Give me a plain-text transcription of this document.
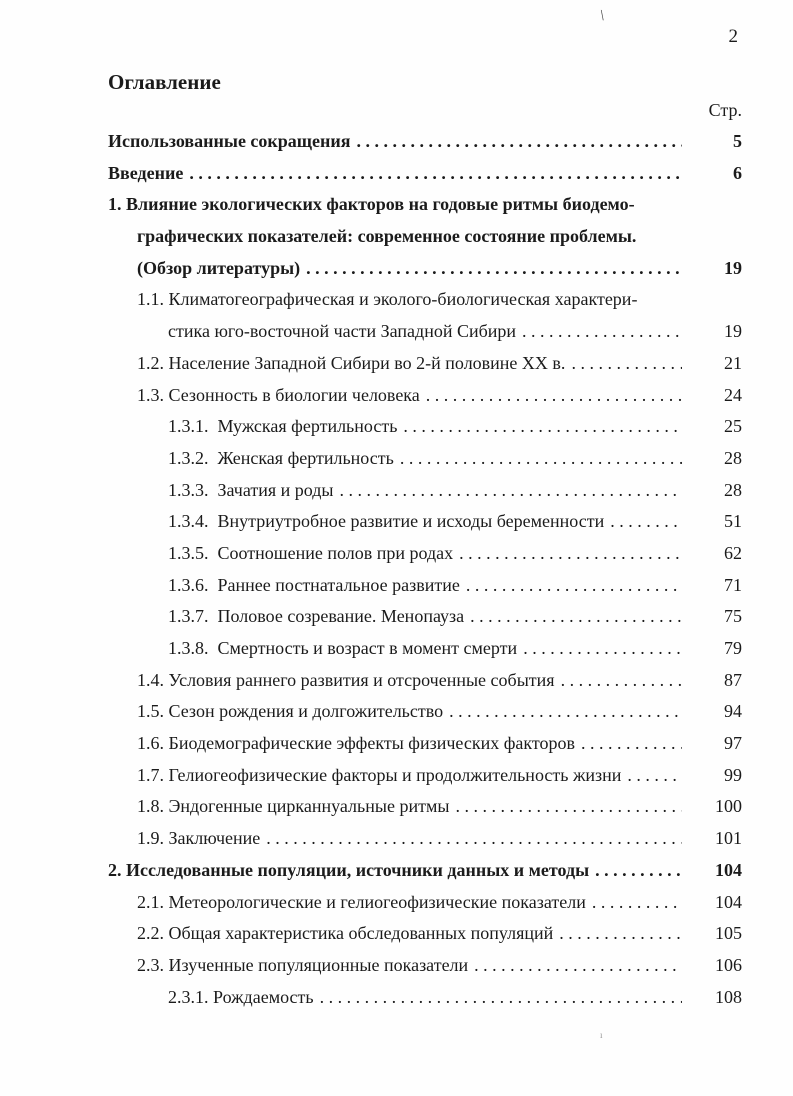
\
2
Оглавление
Стр.
Использованные сокращения .....	5
Введение .....	6
1. Влияние экологических факторов на годовые ритмы биодемо-
графических показателей: современное состояние проблемы.
(Обзор литературы) .....	19
1.1. Климатогеографическая и эколого-биологическая характери-
стика юго-восточной части Западной Сибири .....	19
1.2. Население Западной Сибири во 2-й половине XX в. .....	21
1.3. Сезонность в биологии человека .....	24
1.3.1.  Мужская фертильность .....	25
1.3.2.  Женская фертильность .....	28
1.3.3.  Зачатия и роды .....	28
1.3.4.  Внутриутробное развитие и исходы беременности .....	51
1.3.5.  Соотношение полов при родах .....	62
1.3.6.  Раннее постнатальное развитие .....	71
1.3.7.  Половое созревание. Менопауза .....	75
1.3.8.  Смертность и возраст в момент смерти .....	79
1.4. Условия раннего развития и отсроченные события .....	87
1.5. Сезон рождения и долгожительство .....	94
1.6. Биодемографические эффекты физических факторов .....	97
1.7. Гелиогеофизические факторы и продолжительность жизни .....	99
1.8. Эндогенные цирканнуальные ритмы .....	100
1.9. Заключение .....	101
2. Исследованные популяции, источники данных и методы .....	104
2.1. Метеорологические и гелиогеофизические показатели .....	104
2.2. Общая характеристика обследованных популяций .....	105
2.3. Изученные популяционные показатели .....	106
2.3.1. Рождаемость .....	108
ı
